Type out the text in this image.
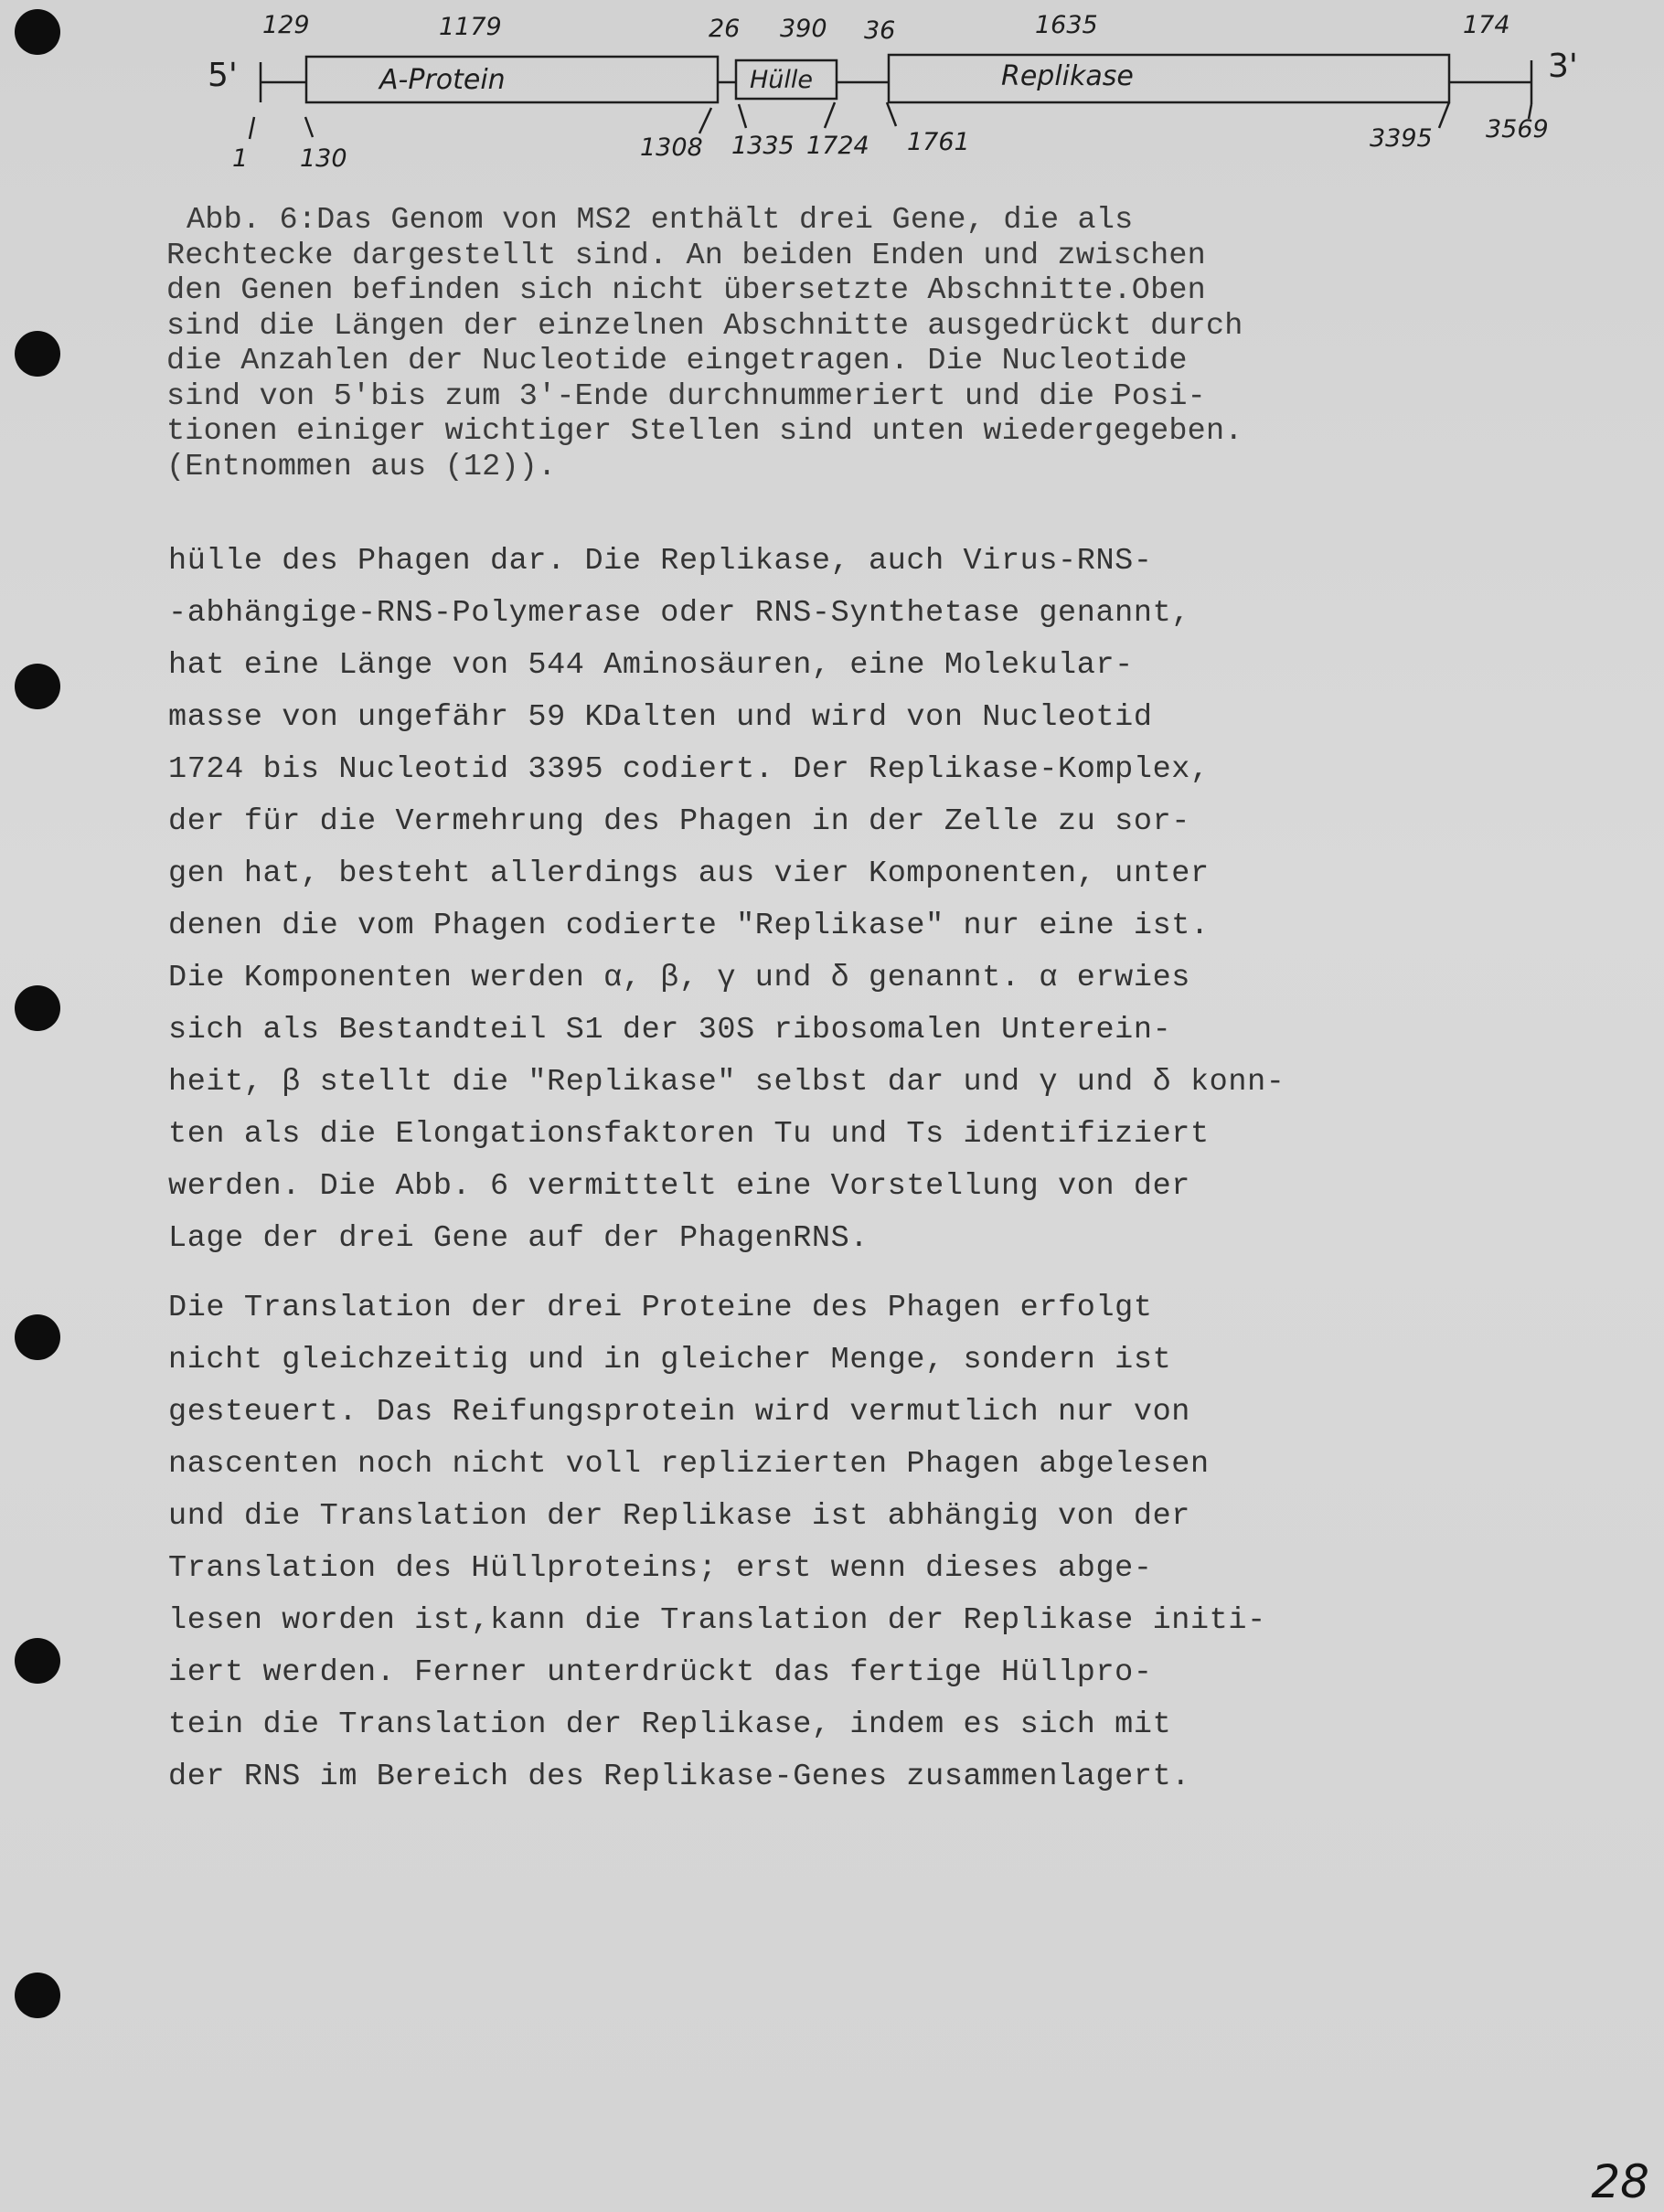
5'	3'
A-Protein	Hülle	Replikase
129	1179	26 390 36	1635	174
1 130	1308 1335 1724 1761	3395 3569
Abb. 6:Das Genom von MS2 enthält drei Gene, die als
Rechtecke dargestellt sind. An beiden Enden und zwischen
den Genen befinden sich nicht übersetzte Abschnitte.Oben
sind die Längen der einzelnen Abschnitte ausgedrückt durch
die Anzahlen der Nucleotide eingetragen. Die Nucleotide
sind von 5'bis zum 3'-Ende durchnummeriert und die Posi-
tionen einiger wichtiger Stellen sind unten wiedergegeben.
(Entnommen aus (12)).
hülle des Phagen dar. Die Replikase, auch Virus-RNS-
-abhängige-RNS-Polymerase oder RNS-Synthetase genannt,
hat eine Länge von 544 Aminosäuren, eine Molekular-
masse von ungefähr 59 KDalten und wird von Nucleotid
1724 bis Nucleotid 3395 codiert. Der Replikase-Komplex,
der für die Vermehrung des Phagen in der Zelle zu sor-
gen hat, besteht allerdings aus vier Komponenten, unter
denen die vom Phagen codierte "Replikase" nur eine ist.
Die Komponenten werden α, β, γ und δ genannt. α erwies
sich als Bestandteil S1 der 30S ribosomalen Unterein-
heit, β stellt die "Replikase" selbst dar und γ und δ konn-
ten als die Elongationsfaktoren Tu und Ts identifiziert
werden. Die Abb. 6 vermittelt eine Vorstellung von der
Lage der drei Gene auf der PhagenRNS.
Die Translation der drei Proteine des Phagen erfolgt
nicht gleichzeitig und in gleicher Menge, sondern ist
gesteuert. Das Reifungsprotein wird vermutlich nur von
nascenten noch nicht voll replizierten Phagen abgelesen
und die Translation der Replikase ist abhängig von der
Translation des Hüllproteins; erst wenn dieses abge-
lesen worden ist,kann die Translation der Replikase initi-
iert werden. Ferner unterdrückt das fertige Hüllpro-
tein die Translation der Replikase, indem es sich mit
der RNS im Bereich des Replikase-Genes zusammenlagert.
28
